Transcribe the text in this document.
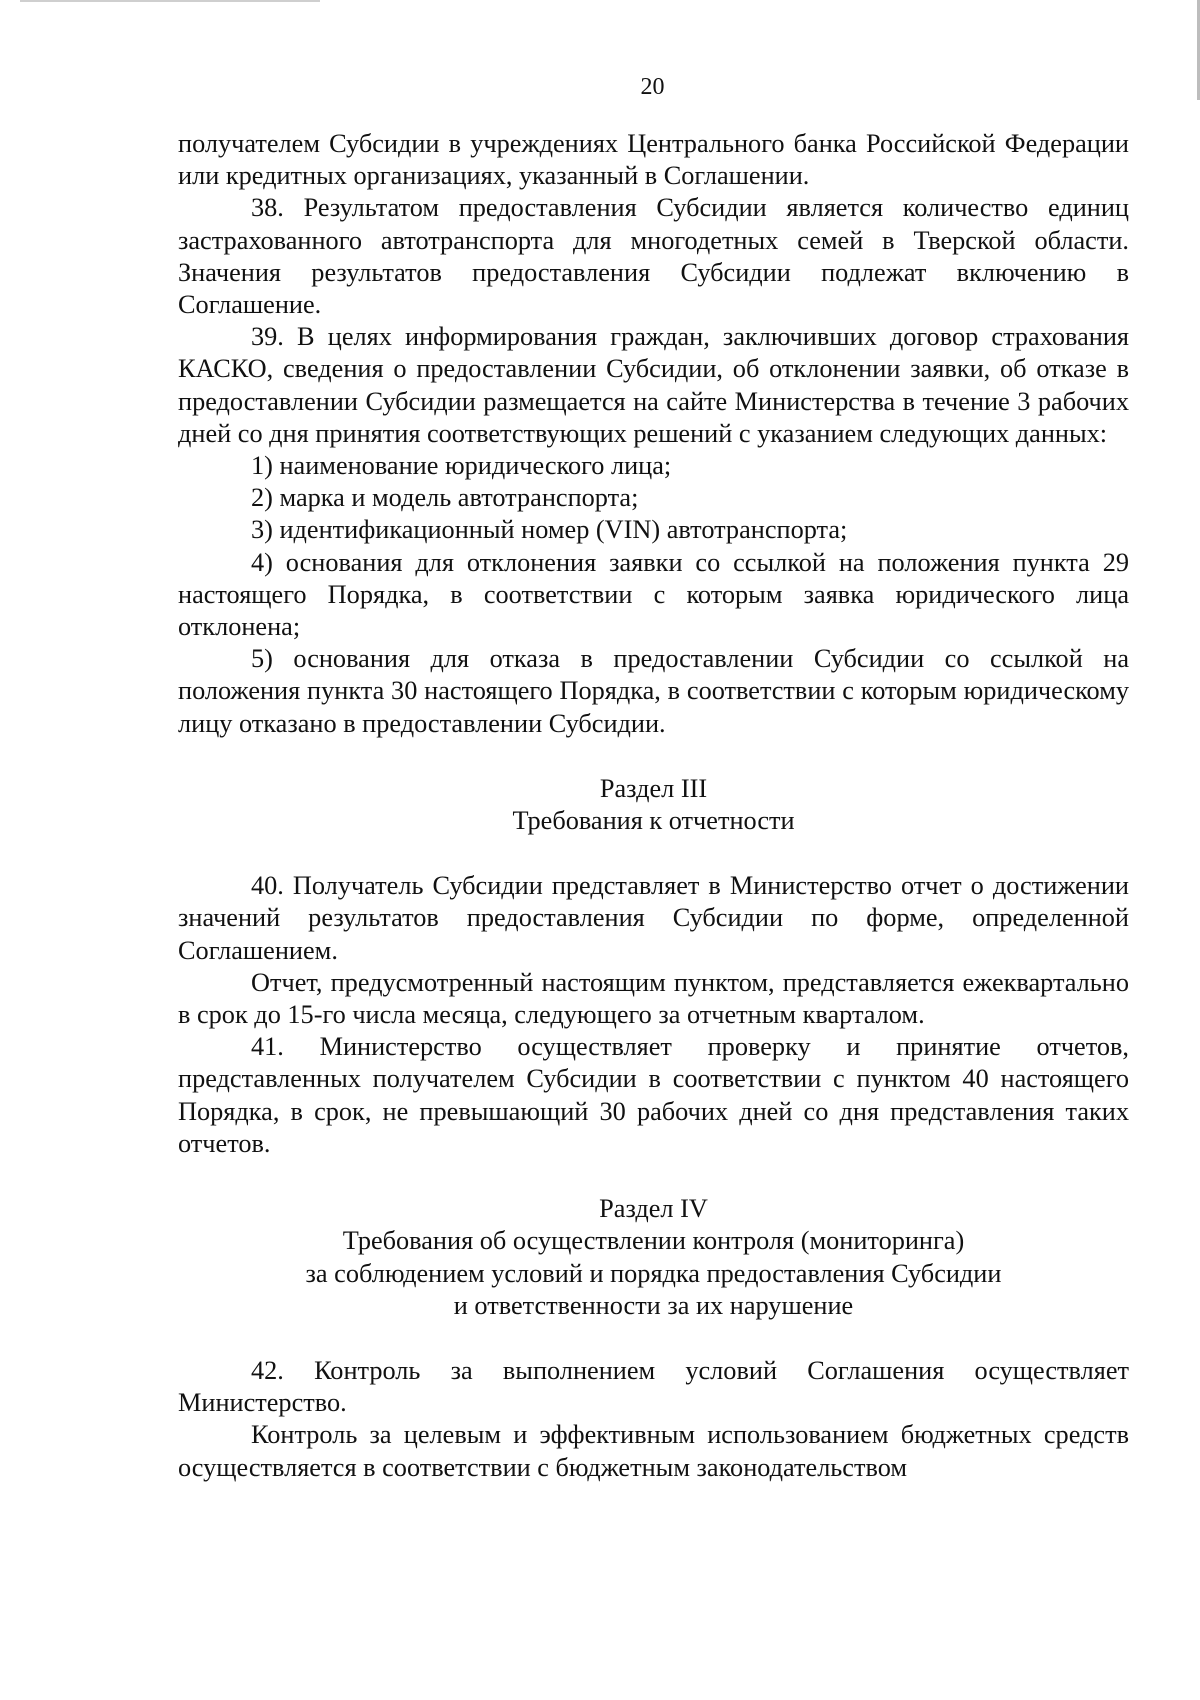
20

получателем Субсидии в учреждениях Центрального банка Российской Федерации или кредитных организациях, указанный в Соглашении.

38. Результатом предоставления Субсидии является количество единиц застрахованного автотранспорта для многодетных семей в Тверской области. Значения результатов предоставления Субсидии подлежат включению в Соглашение.

39. В целях информирования граждан, заключивших договор страхования КАСКО, сведения о предоставлении Субсидии, об отклонении заявки, об отказе в предоставлении Субсидии размещается на сайте Министерства в течение 3 рабочих дней со дня принятия соответствующих решений с указанием следующих данных:

1) наименование юридического лица;

2) марка и модель автотранспорта;

3) идентификационный номер (VIN) автотранспорта;

4) основания для отклонения заявки со ссылкой на положения пункта 29 настоящего Порядка, в соответствии с которым заявка юридического лица отклонена;

5) основания для отказа в предоставлении Субсидии со ссылкой на положения пункта 30 настоящего Порядка, в соответствии с которым юридическому лицу отказано в предоставлении Субсидии.

Раздел III

Требования к отчетности

40. Получатель Субсидии представляет в Министерство отчет о достижении значений результатов предоставления Субсидии по форме, определенной Соглашением.

Отчет, предусмотренный настоящим пунктом, представляется ежеквартально в срок до 15-го числа месяца, следующего за отчетным кварталом.

41. Министерство осуществляет проверку и принятие отчетов, представленных получателем Субсидии в соответствии с пунктом 40 настоящего Порядка, в срок, не превышающий 30 рабочих дней со дня представления таких отчетов.

Раздел IV

Требования об осуществлении контроля (мониторинга)

за соблюдением условий и порядка предоставления Субсидии

и ответственности за их нарушение

42. Контроль за выполнением условий Соглашения осуществляет Министерство.

Контроль за целевым и эффективным использованием бюджетных средств осуществляется в соответствии с бюджетным законодательством
